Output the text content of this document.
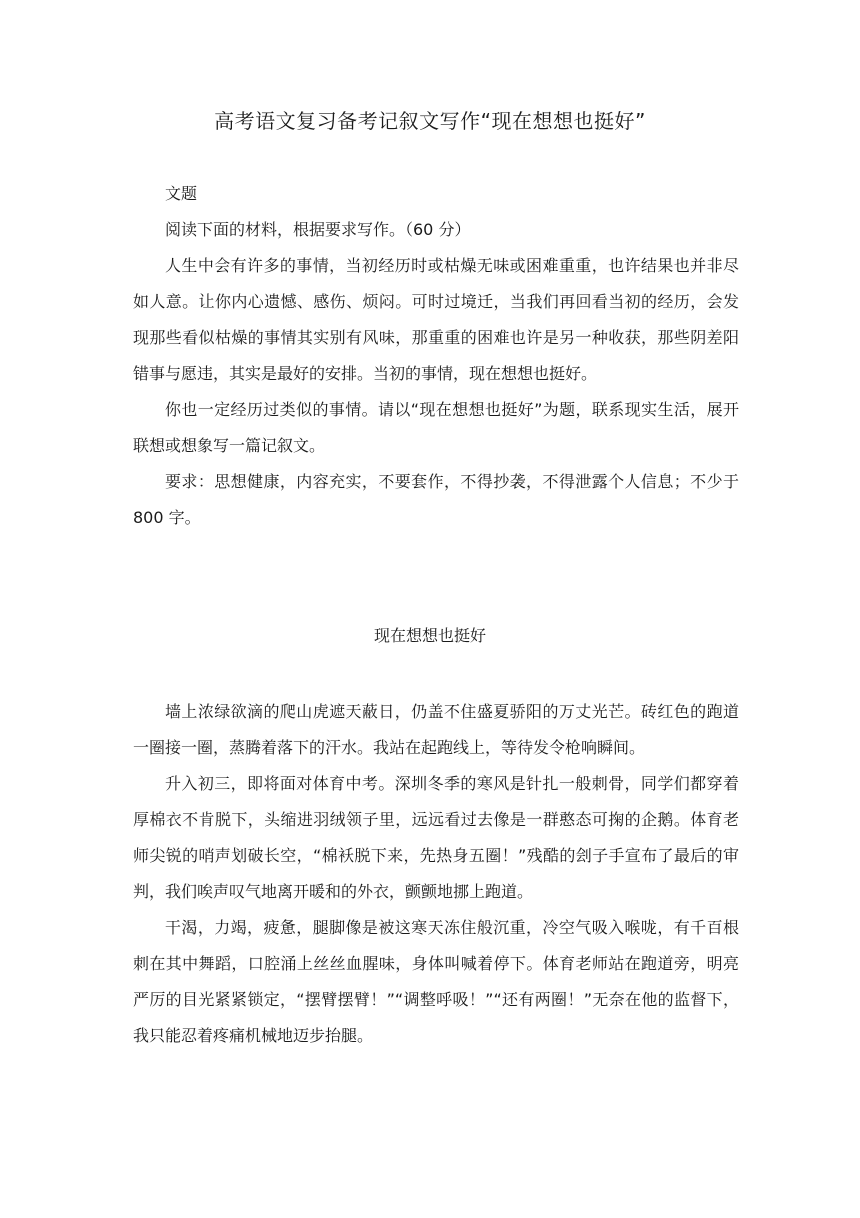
高考语文复习备考记叙文写作“现在想想也挺好”

文题

阅读下面的材料，根据要求写作。（60 分）

人生中会有许多的事情，当初经历时或枯燥无味或困难重重，也许结果也并非尽如人意。让你内心遗憾、感伤、烦闷。可时过境迁，当我们再回看当初的经历，会发现那些看似枯燥的事情其实别有风味，那重重的困难也许是另一种收获，那些阴差阳错事与愿违，其实是最好的安排。当初的事情，现在想想也挺好。

你也一定经历过类似的事情。请以“现在想想也挺好”为题，联系现实生活，展开联想或想象写一篇记叙文。

要求：思想健康，内容充实，不要套作，不得抄袭，不得泄露个人信息；不少于 800 字。

现在想想也挺好

墙上浓绿欲滴的爬山虎遮天蔽日，仍盖不住盛夏骄阳的万丈光芒。砖红色的跑道一圈接一圈，蒸腾着落下的汗水。我站在起跑线上，等待发令枪响瞬间。

升入初三，即将面对体育中考。深圳冬季的寒风是针扎一般刺骨，同学们都穿着厚棉衣不肯脱下，头缩进羽绒领子里，远远看过去像是一群憨态可掬的企鹅。体育老师尖锐的哨声划破长空，“棉袄脱下来，先热身五圈！”残酷的刽子手宣布了最后的审判，我们唉声叹气地离开暖和的外衣，颤颤地挪上跑道。

干渴，力竭，疲惫，腿脚像是被这寒天冻住般沉重，冷空气吸入喉咙，有千百根刺在其中舞蹈，口腔涌上丝丝血腥味，身体叫喊着停下。体育老师站在跑道旁，明亮严厉的目光紧紧锁定，“摆臂摆臂！”“调整呼吸！”“还有两圈！”无奈在他的监督下，我只能忍着疼痛机械地迈步抬腿。
